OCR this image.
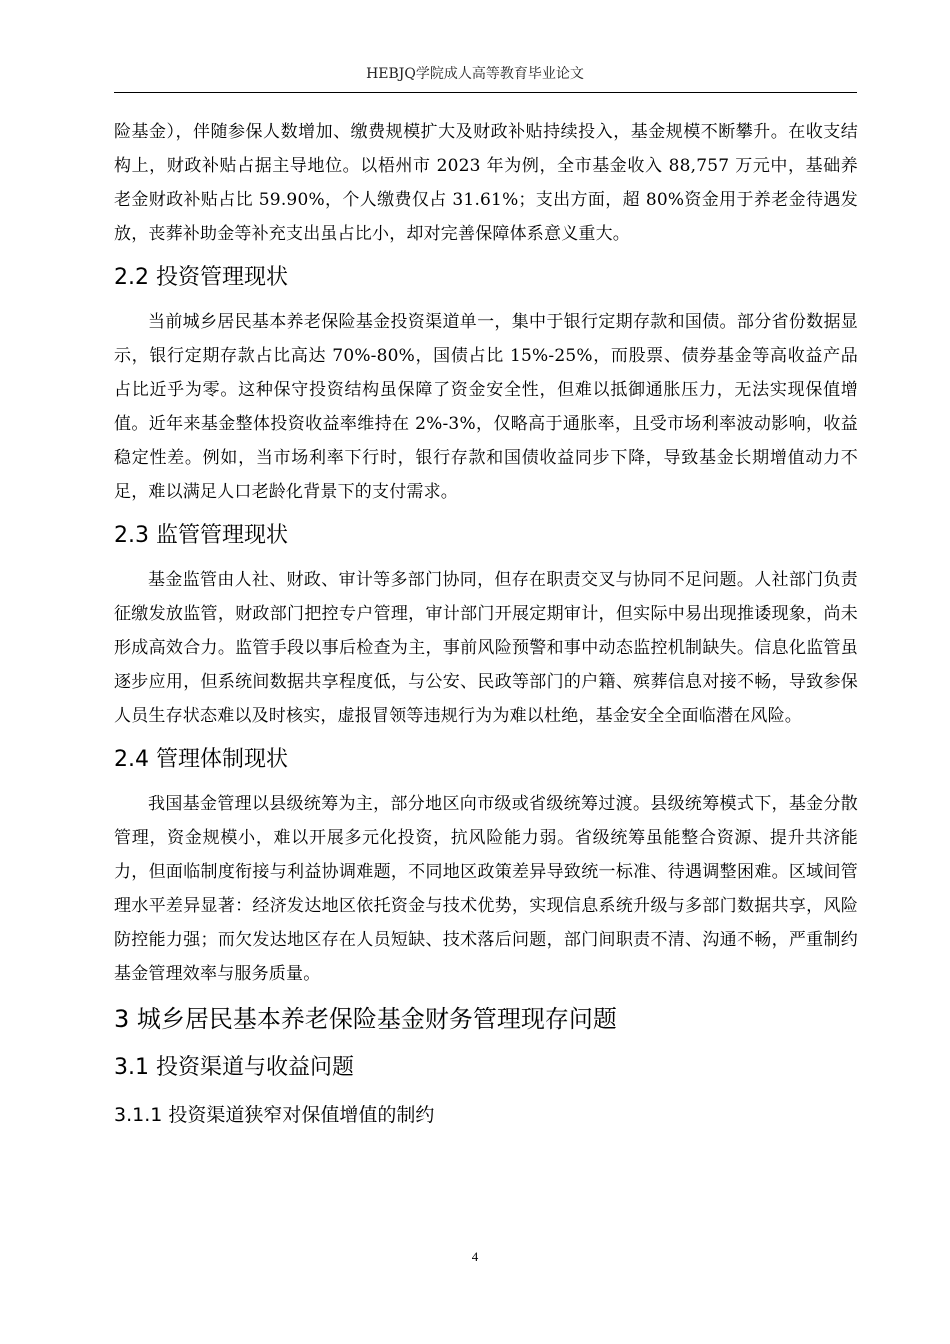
HEBJQ学院成人高等教育毕业论文

险基金），伴随参保人数增加、缴费规模扩大及财政补贴持续投入，基金规模不断攀升。在收支结构上，财政补贴占据主导地位。以梧州市 2023 年为例，全市基金收入 88,757 万元中，基础养老金财政补贴占比 59.90%，个人缴费仅占 31.61%；支出方面，超 80%资金用于养老金待遇发放，丧葬补助金等补充支出虽占比小，却对完善保障体系意义重大。

2.2 投资管理现状

当前城乡居民基本养老保险基金投资渠道单一，集中于银行定期存款和国债。部分省份数据显示，银行定期存款占比高达 70%-80%，国债占比 15%-25%，而股票、债券基金等高收益产品占比近乎为零。这种保守投资结构虽保障了资金安全性，但难以抵御通胀压力，无法实现保值增值。近年来基金整体投资收益率维持在 2%-3%，仅略高于通胀率，且受市场利率波动影响，收益稳定性差。例如，当市场利率下行时，银行存款和国债收益同步下降，导致基金长期增值动力不足，难以满足人口老龄化背景下的支付需求。

2.3 监管管理现状

基金监管由人社、财政、审计等多部门协同，但存在职责交叉与协同不足问题。人社部门负责征缴发放监管，财政部门把控专户管理，审计部门开展定期审计，但实际中易出现推诿现象，尚未形成高效合力。监管手段以事后检查为主，事前风险预警和事中动态监控机制缺失。信息化监管虽逐步应用，但系统间数据共享程度低，与公安、民政等部门的户籍、殡葬信息对接不畅，导致参保人员生存状态难以及时核实，虚报冒领等违规行为为难以杜绝，基金安全全面临潜在风险。

2.4 管理体制现状

我国基金管理以县级统筹为主，部分地区向市级或省级统筹过渡。县级统筹模式下，基金分散管理，资金规模小，难以开展多元化投资，抗风险能力弱。省级统筹虽能整合资源、提升共济能力，但面临制度衔接与利益协调难题，不同地区政策差异导致统一标准、待遇调整困难。区域间管理水平差异显著：经济发达地区依托资金与技术优势，实现信息系统升级与多部门数据共享，风险防控能力强；而欠发达地区存在人员短缺、技术落后问题，部门间职责不清、沟通不畅，严重制约基金管理效率与服务质量。

3 城乡居民基本养老保险基金财务管理现存问题
3.1 投资渠道与收益问题
3.1.1 投资渠道狭窄对保值增值的制约
4
